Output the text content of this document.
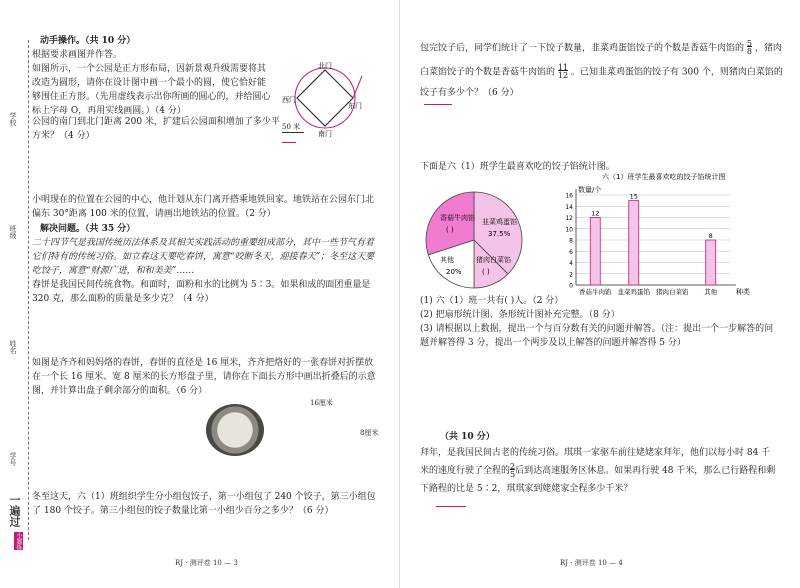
学校
班级
姓名
学号
一遍过
小题练
动手操作。（共 10 分）
根据要求画图并作答。
如图所示，一个公园是正方形布局，因新景观升级需要将其改造为圆形，请你在设计图中画一个最小的圆，使它恰好能够围住正方形。（先用虚线表示出你所画的圆心的，并给圆心标上字母 O，再用实线画圆。）（4 分）
公园的南门到北门距离 200 米，扩建后公园面积增加了多少平方米？（4 分）
北门
西门
东门
南门
50 米
小明现在的位置在公园的中心，他计划从东门离开搭乘地铁回家。地铁站在公园东门北偏东 30°距离 100 米的位置，请画出地铁站的位置。（2 分）
解决问题。（共 35 分）
二十四节气是我国传统历法体系及其相关实践活动的重要组成部分，其中一些节气有着它们特有的传统习俗。如立春这天要吃春饼，寓意“咬断冬天，迎接春天”；冬至这天要吃饺子，寓意“财源广进，和和美美”……
春饼是我国民间传统食物。和面时，面粉和水的比例为 5∶3。如果和成的面团重量是 320 克，那么面粉的质量是多少克？（4 分）
如图是齐齐和妈妈烙的春饼，春饼的直径是 16 厘米，齐齐把烙好的一张春饼对折摆放在一个长 16 厘米、宽 8 厘米的长方形盘子里，请你在下面长方形中画出折叠后的示意图，并计算出盘子剩余部分的面积。（6 分）
16厘米
8厘米
冬至这天，六（1）班组织学生分小组包饺子，第一小组包了 240 个饺子，第三小组包了 180 个饺子。第三小组包的饺子数量比第一小组少百分之多少？（6 分）
RJ · 测评卷 10 — 3
包完饺子后，同学们统计了一下饺子数量，韭菜鸡蛋馅饺子的个数是香菇牛肉馅的 $\frac{5}{8}$ ，猪肉
白菜馅饺子的个数是香菇牛肉馅的 $\frac{11}{12}$ 。已知韭菜鸡蛋馅的饺子有 300 个，则猪肉白菜馅的
饺子有多少个？（6 分）
下面是六（1）班学生最喜欢吃的饺子馅统计图。
香菇牛肉馅
( )
韭菜鸡蛋馅
37.5%
猪肉白菜馅
( )
其他
20%
六（1）班学生最喜欢吃的饺子馅统计图
数量/个
种类
0
2
4
6
8
10
12
14
16
12
香菇牛肉馅
15
韭菜鸡蛋馅 猪肉白菜馅
8
其他
(1) 六（1）班一共有( )人。（2 分）
(2) 把扇形统计图、条形统计图补充完整。（8 分）
(3) 请根据以上数据，提出一个与百分数有关的问题并解答。（注：提出一个一步解答的问题并解答得 3 分，提出一个两步及以上解答的问题并解答得 5 分）
（共 10 分）
拜年，是我国民间古老的传统习俗。琪琪一家驱车前往姥姥家拜年，他们以每小时 84 千米的速度行驶了全程的$\frac{2}{5}$后到达高速服务区休息。如果再行驶 48 千米，那么已行路程和剩下路程的比是 5∶2，琪琪家到姥姥家全程多少千米？
RJ · 测评卷 10 — 4
